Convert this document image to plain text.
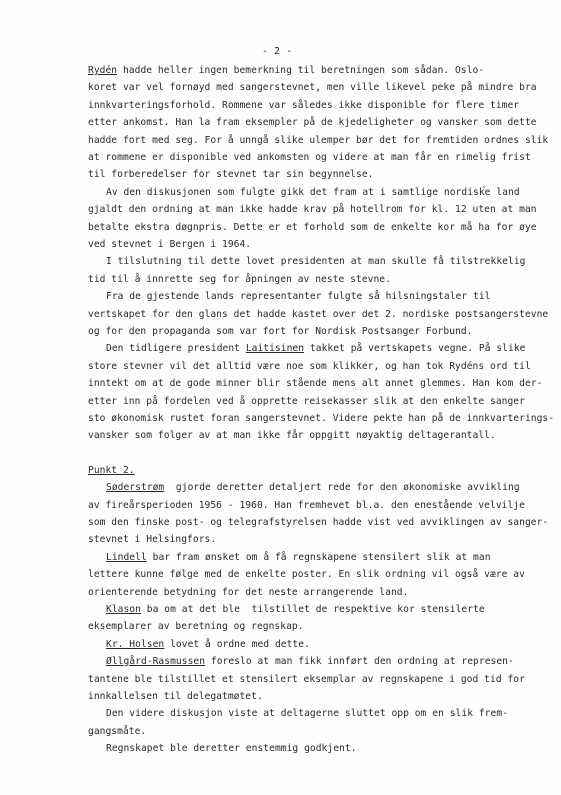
- 2 -
Rydén hadde heller ingen bemerkning til beretningen som sådan. Oslo-
koret var vel fornøyd med sangerstevnet, men ville likevel peke på mindre bra
innkvarteringsforhold. Rommene var således ikke disponible for flere timer
etter ankomst. Han la fram eksempler på de kjedeligheter og vansker som dette
hadde fort med seg. For å unngå slike ulemper bør det for fremtiden ordnes slik
at rommene er disponible ved ankomsten og videre at man får en rimelig frist
til forberedelser for stevnet tar sin begynnelse.
Av den diskusjonen som fulgte gikk det fram at i samtlige nordiske land
gjaldt den ordning at man ikke hadde krav på hotellrom for kl. 12 uten at man
betalte ekstra døgnpris. Dette er et forhold som de enkelte kor må ha for øye
ved stevnet i Bergen i 1964.
I tilslutning til dette lovet presidenten at man skulle få tilstrekkelig
tid til å innrette seg for åpningen av neste stevne.
Fra de gjestende lands representanter fulgte så hilsningstaler til
vertskapet for den glans det hadde kastet over det 2. nordiske postsangerstevne
og for den propaganda som var fort for Nordisk Postsanger Forbund.
Den tidligere president Laitisinen takket på vertskapets vegne. På slike
store stevner vil det alltid være noe som klikker, og han tok Rydéns ord til
inntekt om at de gode minner blir stående mens alt annet glemmes. Han kom der-
etter inn på fordelen ved å opprette reisekasser slik at den enkelte sanger
sto økonomisk rustet foran sangerstevnet. Videre pekte han på de innkvarterings-
vansker som folger av at man ikke får oppgitt nøyaktig deltagerantall.
Punkt 2.
Søderstrøm  gjorde deretter detaljert rede for den økonomiske avvikling
av fireårsperioden 1956 - 1960. Han fremhevet bl.a. den enestående velvilje
som den finske post- og telegrafstyrelsen hadde vist ved avviklingen av sanger-
stevnet i Helsingfors.
Lindell bar fram ønsket om å få regnskapene stensilert slik at man
lettere kunne følge med de enkelte poster. En slik ordning vil også være av
orienterende betydning for det neste arrangerende land.
Klason ba om at det ble  tilstillet de respektive kor stensilerte
eksemplarer av beretning og regnskap.
Kr. Holsen lovet å ordne med dette.
Øllgård-Rasmussen foreslo at man fikk innført den ordning at represen-
tantene ble tilstillet et stensilert eksemplar av regnskapene i god tid for
innkallelsen til delegatmøtet.
Den videre diskusjon viste at deltagerne sluttet opp om en slik frem-
gangsmåte.
Regnskapet ble deretter enstemmig godkjent.
